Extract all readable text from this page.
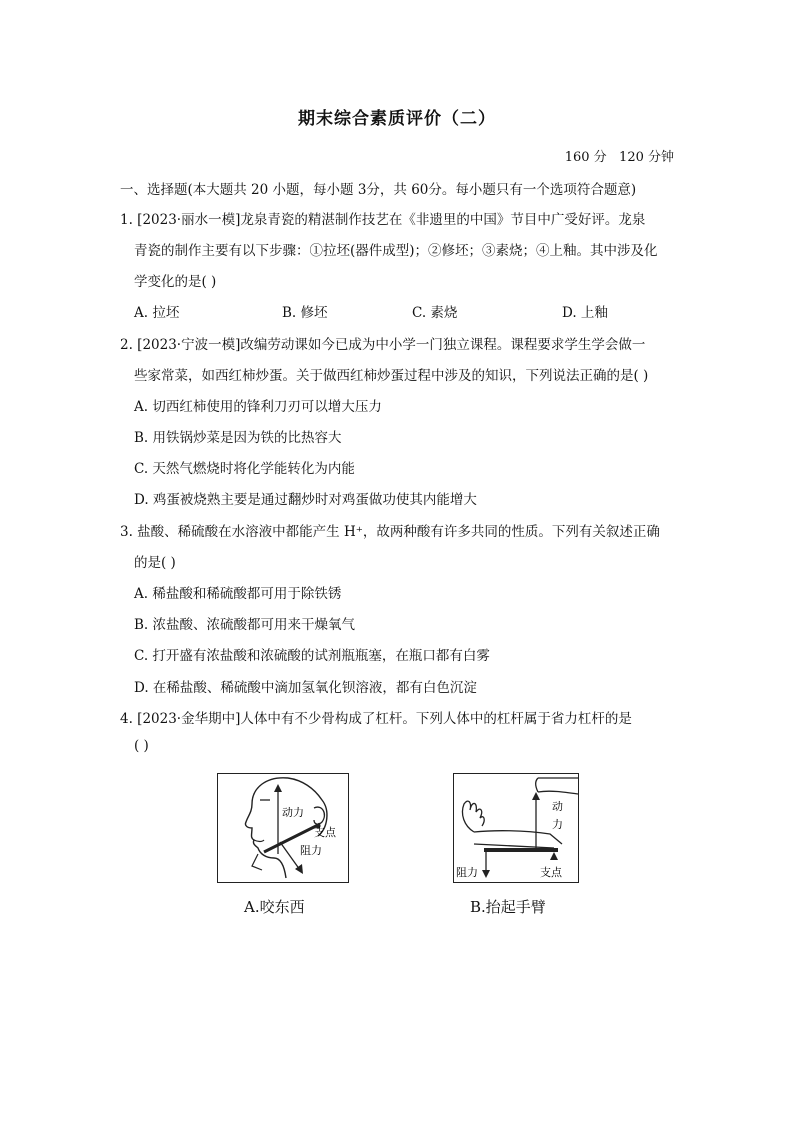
期末综合素质评价（二）
160 分   120 分钟
一、选择题(本大题共 20 小题，每小题 3分，共 60分。每小题只有一个选项符合题意)
1. [2023·丽水一模]龙泉青瓷的精湛制作技艺在《非遗里的中国》节目中广受好评。龙泉
青瓷的制作主要有以下步骤：①拉坯(器件成型)；②修坯；③素烧；④上釉。其中涉及化
学变化的是( )
A. 拉坯	B. 修坯	C. 素烧	D. 上釉
2. [2023·宁波一模]改编劳动课如今已成为中小学一门独立课程。课程要求学生学会做一
些家常菜，如西红柿炒蛋。关于做西红柿炒蛋过程中涉及的知识，下列说法正确的是( )
A. 切西红柿使用的锋利刀刃可以增大压力
B. 用铁锅炒菜是因为铁的比热容大
C. 天然气燃烧时将化学能转化为内能
D. 鸡蛋被烧熟主要是通过翻炒时对鸡蛋做功使其内能增大
3. 盐酸、稀硫酸在水溶液中都能产生 H⁺，故两种酸有许多共同的性质。下列有关叙述正确
的是( )
A. 稀盐酸和稀硫酸都可用于除铁锈
B. 浓盐酸、浓硫酸都可用来干燥氧气
C. 打开盛有浓盐酸和浓硫酸的试剂瓶瓶塞，在瓶口都有白雾
D. 在稀盐酸、稀硫酸中滴加氢氧化钡溶液，都有白色沉淀
4. [2023·金华期中]人体中有不少骨构成了杠杆。下列人体中的杠杆属于省力杠杆的是
( )
动力
支点
阻力
A.咬东西
动
力
阻力	支点
B.抬起手臂
